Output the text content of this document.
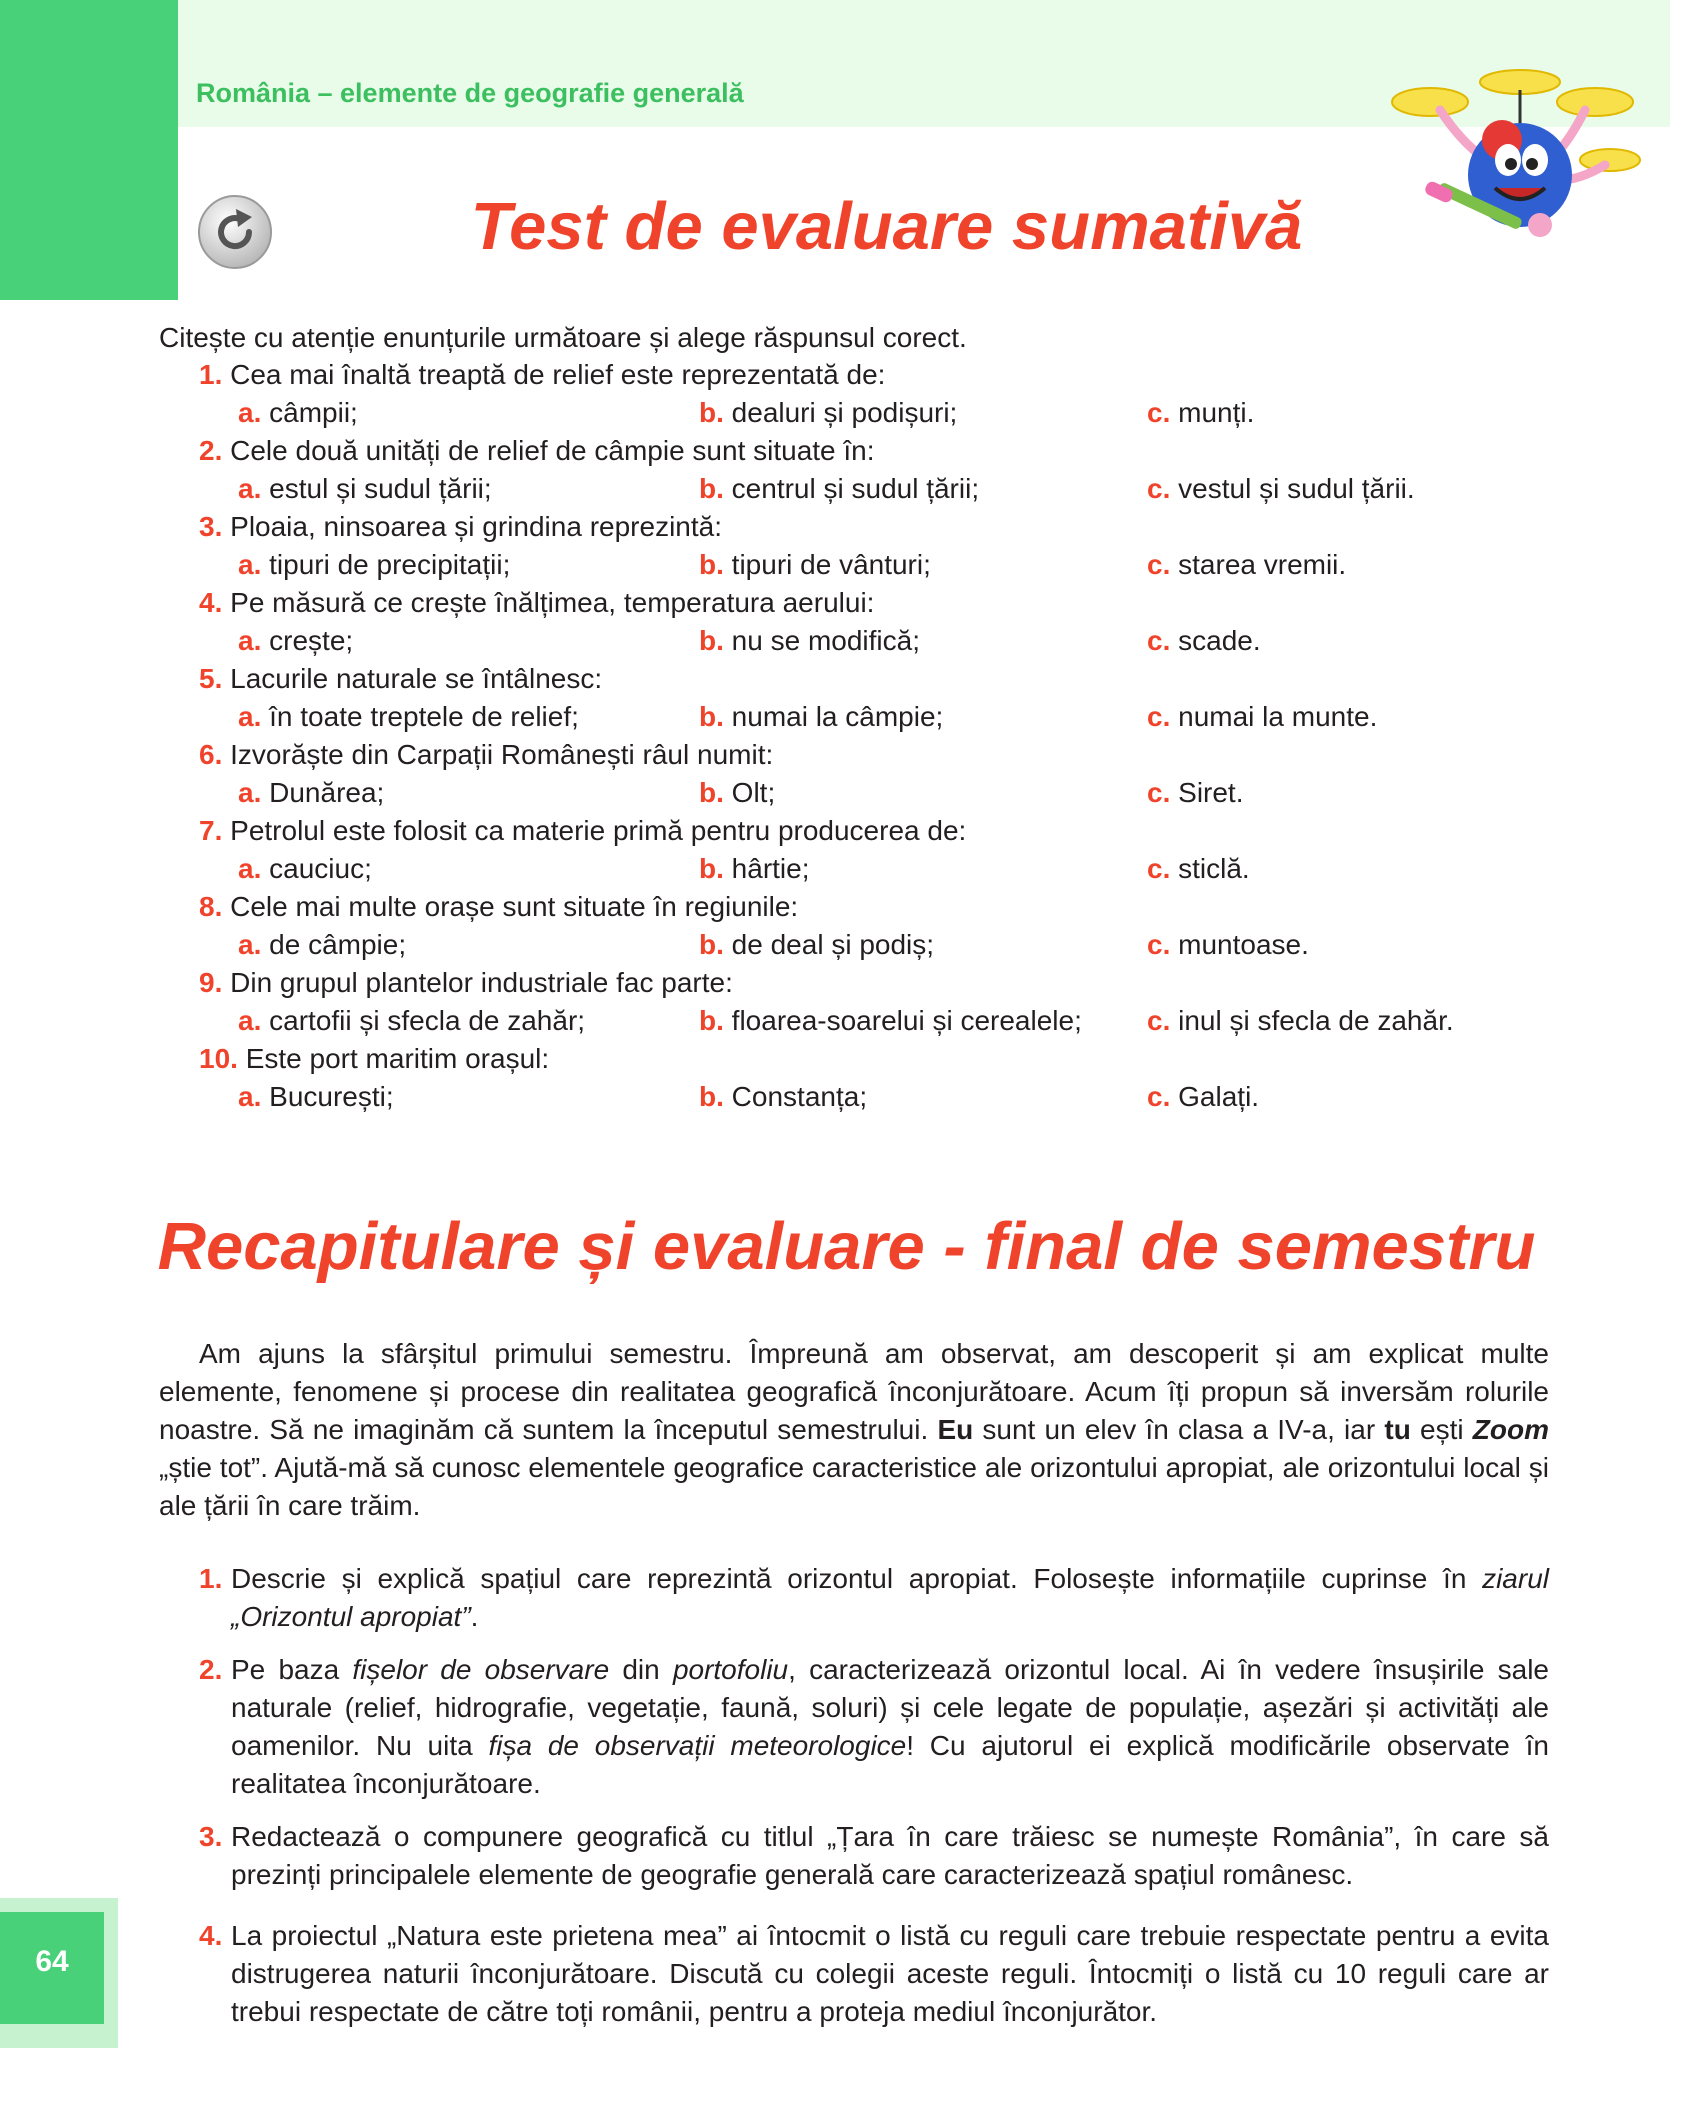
România – elemente de geografie generală
Test de evaluare sumativă
Citește cu atenție enunțurile următoare și alege răspunsul corect.
1. Cea mai înaltă treaptă de relief este reprezentată de:
a. câmpii;	b. dealuri și podișuri;	c. munți.
2. Cele două unități de relief de câmpie sunt situate în:
a. estul și sudul țării;	b. centrul și sudul țării;	c. vestul și sudul țării.
3. Ploaia, ninsoarea și grindina reprezintă:
a. tipuri de precipitații;	b. tipuri de vânturi;	c. starea vremii.
4. Pe măsură ce crește înălțimea, temperatura aerului:
a. crește;	b. nu se modifică;	c. scade.
5. Lacurile naturale se întâlnesc:
a. în toate treptele de relief;	b. numai la câmpie;	c. numai la munte.
6. Izvorăște din Carpații Românești râul numit:
a. Dunărea;	b. Olt;	c. Siret.
7. Petrolul este folosit ca materie primă pentru producerea de:
a. cauciuc;	b. hârtie;	c. sticlă.
8. Cele mai multe orașe sunt situate în regiunile:
a. de câmpie;	b. de deal și podiș;	c. muntoase.
9. Din grupul plantelor industriale fac parte:
a. cartofii și sfecla de zahăr;	b. floarea-soarelui și cerealele; c. inul și sfecla de zahăr.
10. Este port maritim orașul:
a. București;	b. Constanța;	c. Galați.
Recapitulare și evaluare - final de semestru
Am ajuns la sfârșitul primului semestru. Împreună am observat, am descoperit și am explicat multe elemente, fenomene și procese din realitatea geografică înconjurătoare. Acum îți propun să inversăm rolurile noastre. Să ne imaginăm că suntem la începutul semestrului. Eu sunt un elev în clasa a IV-a, iar tu ești Zoom „știe tot”. Ajută-mă să cunosc elementele geografice caracteristice ale orizontului apropiat, ale orizontului local și ale țării în care trăim.
1. Descrie și explică spațiul care reprezintă orizontul apropiat. Folosește informațiile cuprinse în ziarul „Orizontul apropiat”.
2. Pe baza fișelor de observare din portofoliu, caracterizează orizontul local. Ai în vedere însușirile sale naturale (relief, hidrografie, vegetație, faună, soluri) și cele legate de populație, așezări și activități ale oamenilor. Nu uita fișa de observații meteorologice! Cu ajutorul ei explică modificările observate în realitatea înconjurătoare.
3. Redactează o compunere geografică cu titlul „Țara în care trăiesc se numește România”, în care să prezinți principalele elemente de geografie generală care caracterizează spațiul românesc.
4. La proiectul „Natura este prietena mea” ai întocmit o listă cu reguli care trebuie respectate pentru a evita distrugerea naturii înconjurătoare. Discută cu colegii aceste reguli. Întocmiți o listă cu 10 reguli care ar trebui respectate de către toți românii, pentru a proteja mediul înconjurător.
64
